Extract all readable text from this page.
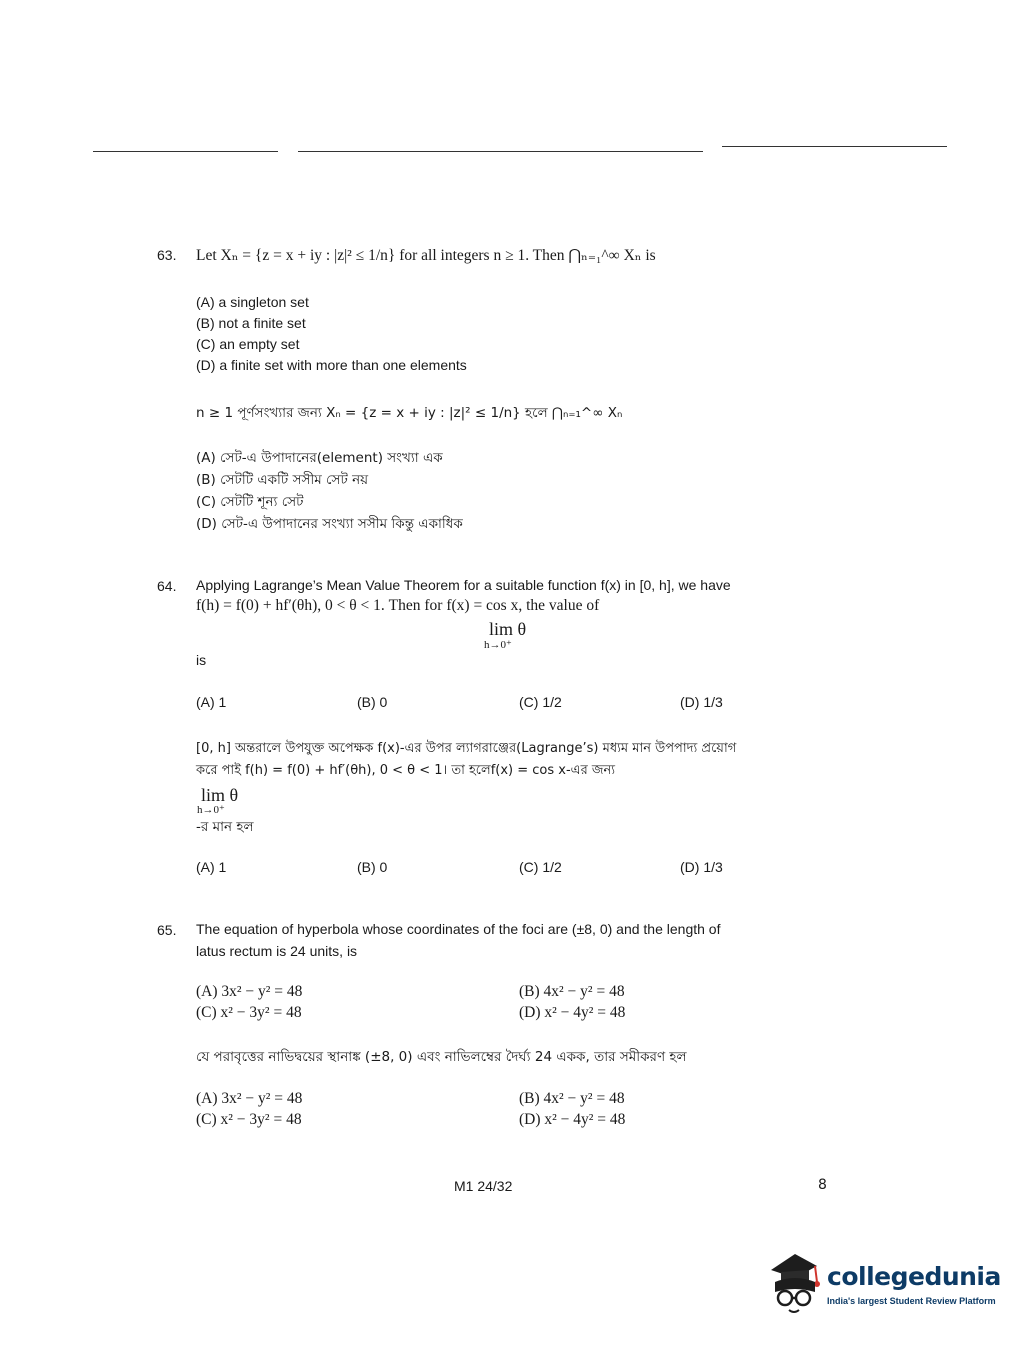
63. Let Xₙ = {z = x + iy : |z|² ≤ 1/n} for all integers n ≥ 1. Then ⋂ₙ₌₁^∞ Xₙ is
(A) a singleton set
(B) not a finite set
(C) an empty set
(D) a finite set with more than one elements
n ≥ 1 পূর্ণসংখ্যার জন্য Xₙ = {z = x + iy : |z|² ≤ 1/n} হলে ⋂ₙ₌₁^∞ Xₙ
(A) সেট-এ উপাদানের(element) সংখ্যা এক
(B) সেটটি একটি সসীম সেট নয়
(C) সেটটি শূন্য সেট
(D) সেট-এ উপাদানের সংখ্যা সসীম কিন্তু একাধিক
64. Applying Lagrange’s Mean Value Theorem for a suitable function f(x) in [0, h], we have
f(h) = f(0) + hf′(θh), 0 < θ < 1. Then for f(x) = cos x, the value of
lim θ
h→0⁺
is
(A) 1	(B) 0	(C) 1/2	(D) 1/3
[0, h] অন্তরালে উপযুক্ত অপেক্ষক f(x)-এর উপর ল্যাগরাঞ্জের(Lagrange’s) মধ্যম মান উপপাদ্য প্রয়োগ
করে পাই f(h) = f(0) + hf′(θh), 0 < θ < 1। তা হলেf(x) = cos x-এর জন্য
lim θ
h→0⁺
-র মান হল
(A) 1	(B) 0	(C) 1/2	(D) 1/3
65. The equation of hyperbola whose coordinates of the foci are (±8, 0) and the length of
latus rectum is 24 units, is
(A) 3x² − y² = 48	(B) 4x² − y² = 48
(C) x² − 3y² = 48	(D) x² − 4y² = 48
যে পরাবৃত্তের নাভিদ্বয়ের স্থানাঙ্ক (±8, 0) এবং নাভিলম্বের দৈর্ঘ্য 24 একক, তার সমীকরণ হল
(A) 3x² − y² = 48	(B) 4x² − y² = 48
(C) x² − 3y² = 48	(D) x² − 4y² = 48
M1 24/32	8
collegedunia
India's largest Student Review Platform
